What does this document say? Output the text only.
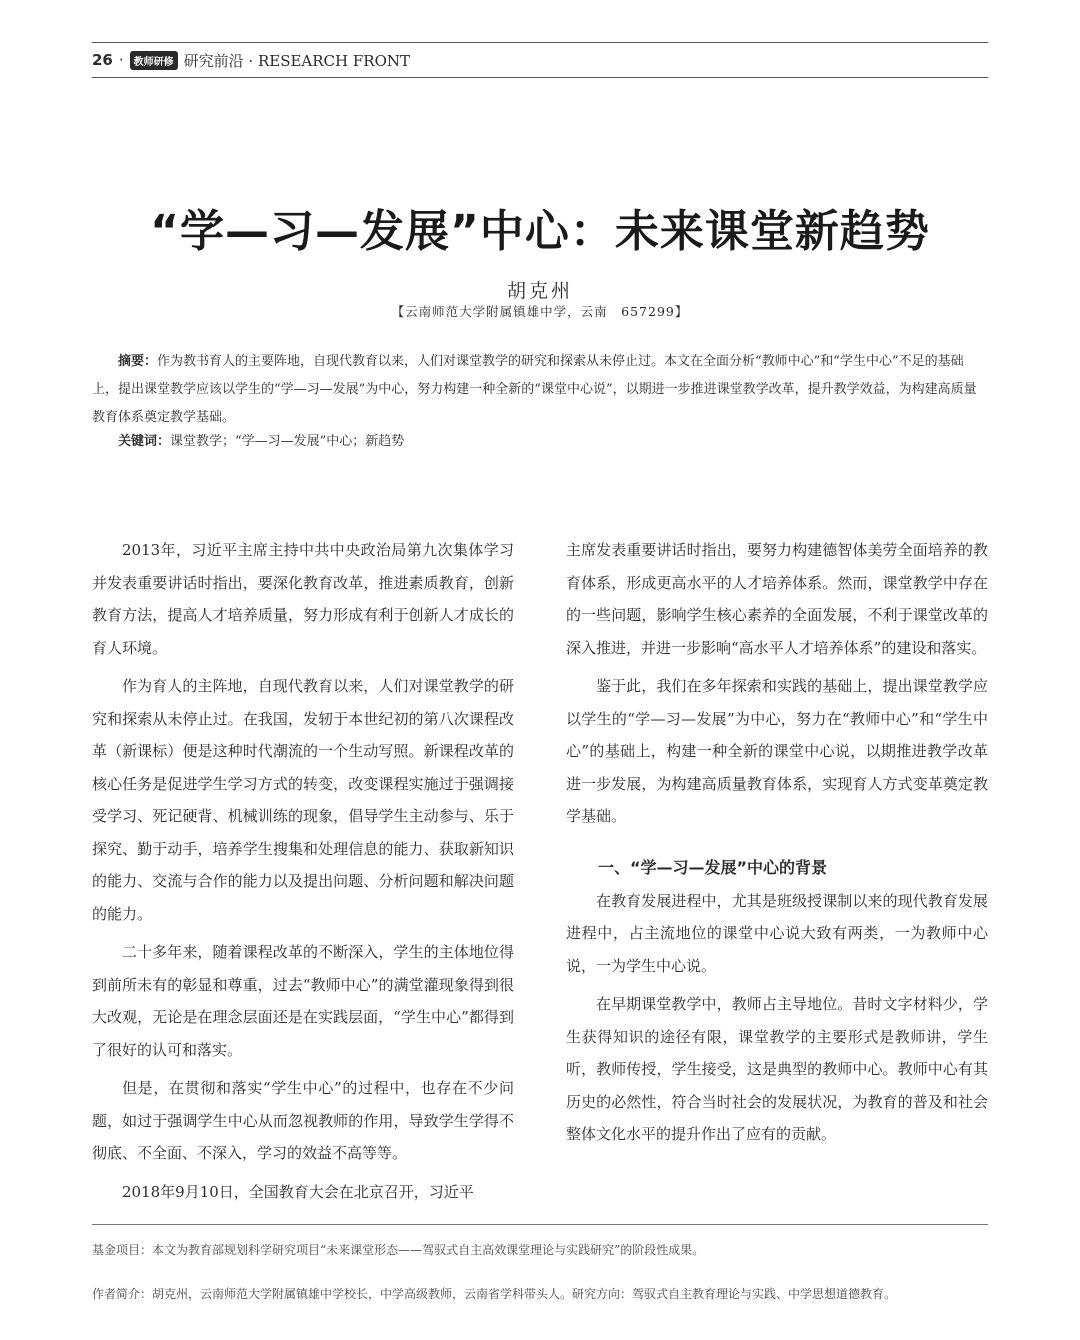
26 ·	教师研修 研究前沿 · RESEARCH FRONT
“学—习—发展”中心：未来课堂新趋势
胡克州
【云南师范大学附属镇雄中学，云南　657299】

摘要：作为教书育人的主要阵地，自现代教育以来，人们对课堂教学的研究和探索从未停止过。本文在全面分析“教师中心”和“学生中心”不足的基础上，提出课堂教学应该以学生的“学—习—发展”为中心，努力构建一种全新的“课堂中心说”，以期进一步推进课堂教学改革，提升教学效益，为构建高质量教育体系奠定教学基础。

关键词：课堂教学；“学—习—发展”中心；新趋势

2013年，习近平主席主持中共中央政治局第九次集体学习并发表重要讲话时指出，要深化教育改革，推进素质教育，创新教育方法，提高人才培养质量，努力形成有利于创新人才成长的育人环境。

作为育人的主阵地，自现代教育以来，人们对课堂教学的研究和探索从未停止过。在我国，发轫于本世纪初的第八次课程改革（新课标）便是这种时代潮流的一个生动写照。新课程改革的核心任务是促进学生学习方式的转变，改变课程实施过于强调接受学习、死记硬背、机械训练的现象，倡导学生主动参与、乐于探究、勤于动手，培养学生搜集和处理信息的能力、获取新知识的能力、交流与合作的能力以及提出问题、分析问题和解决问题的能力。

二十多年来，随着课程改革的不断深入，学生的主体地位得到前所未有的彰显和尊重，过去“教师中心”的满堂灌现象得到很大改观，无论是在理念层面还是在实践层面，“学生中心”都得到了很好的认可和落实。

但是，在贯彻和落实“学生中心”的过程中，也存在不少问题，如过于强调学生中心从而忽视教师的作用，导致学生学得不彻底、不全面、不深入，学习的效益不高等等。

2018年9月10日，全国教育大会在北京召开，习近平

主席发表重要讲话时指出，要努力构建德智体美劳全面培养的教育体系，形成更高水平的人才培养体系。然而，课堂教学中存在的一些问题，影响学生核心素养的全面发展，不利于课堂改革的深入推进，并进一步影响“高水平人才培养体系”的建设和落实。

鉴于此，我们在多年探索和实践的基础上，提出课堂教学应以学生的“学—习—发展”为中心，努力在“教师中心”和“学生中心”的基础上，构建一种全新的课堂中心说，以期推进教学改革进一步发展，为构建高质量教育体系，实现育人方式变革奠定教学基础。

一、“学—习—发展”中心的背景

在教育发展进程中，尤其是班级授课制以来的现代教育发展进程中，占主流地位的课堂中心说大致有两类，一为教师中心说，一为学生中心说。

在早期课堂教学中，教师占主导地位。昔时文字材料少，学生获得知识的途径有限，课堂教学的主要形式是教师讲，学生听，教师传授，学生接受，这是典型的教师中心。教师中心有其历史的必然性，符合当时社会的发展状况，为教育的普及和社会整体文化水平的提升作出了应有的贡献。

基金项目：本文为教育部规划科学研究项目“未来课堂形态——驾驭式自主高效课堂理论与实践研究”的阶段性成果。

作者简介：胡克州，云南师范大学附属镇雄中学校长，中学高级教师，云南省学科带头人。研究方向：驾驭式自主教育理论与实践、中学思想道德教育。
